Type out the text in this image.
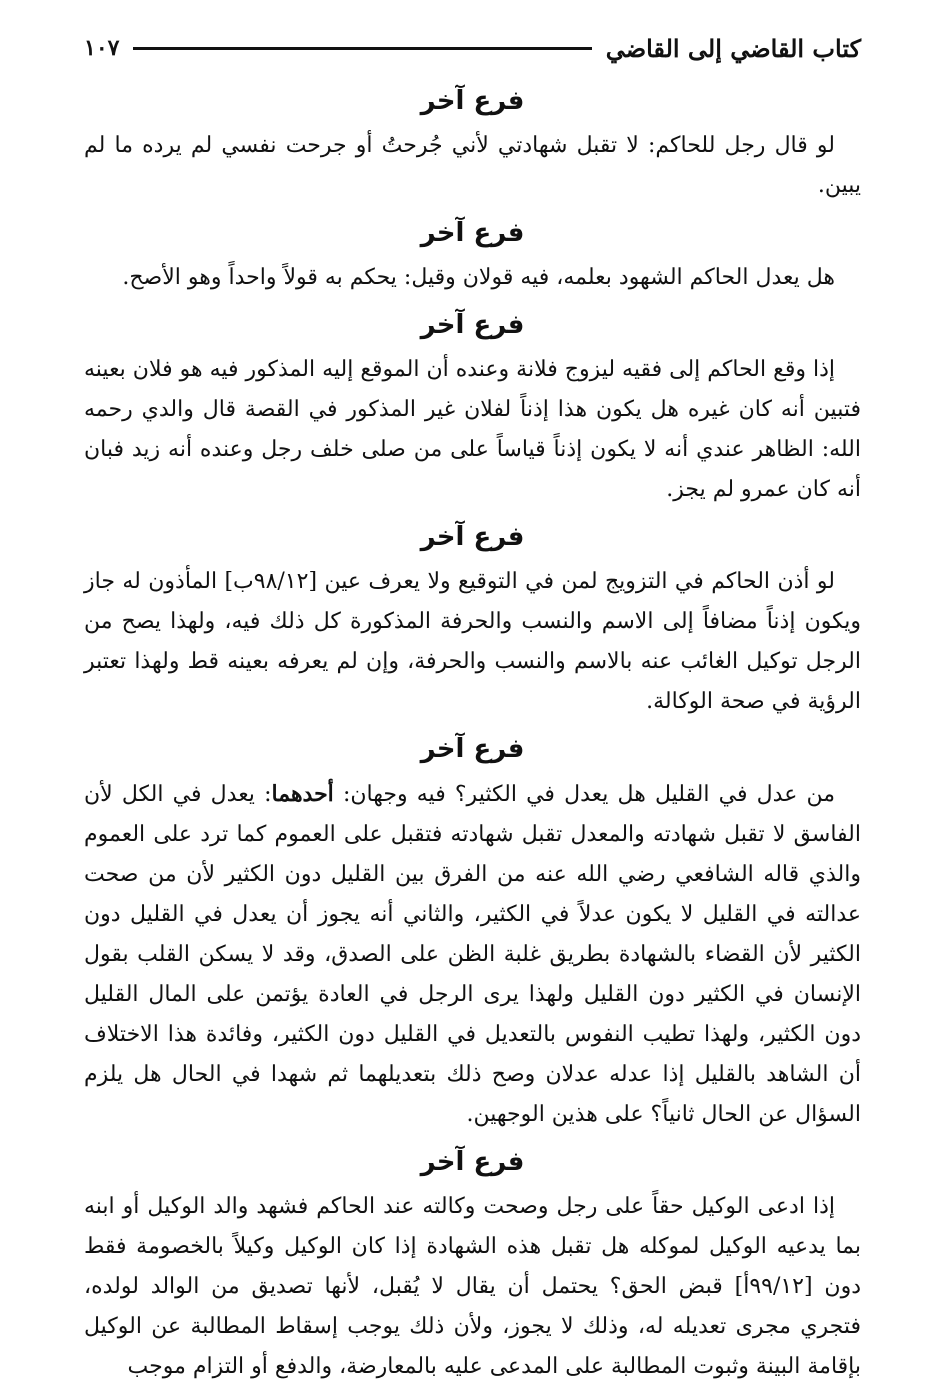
كتاب القاضي إلى القاضي
١٠٧
فرع آخر

لو قال رجل للحاكم: لا تقبل شهادتي لأني جُرحتُ أو جرحت نفسي لم يرده ما لم يبين.

فرع آخر

هل يعدل الحاكم الشهود بعلمه، فيه قولان وقيل: يحكم به قولاً واحداً وهو الأصح.

فرع آخر

إذا وقع الحاكم إلى فقيه ليزوج فلانة وعنده أن الموقع إليه المذكور فيه هو فلان بعينه فتبين أنه كان غيره هل يكون هذا إذناً لفلان غير المذكور في القصة قال والدي رحمه الله: الظاهر عندي أنه لا يكون إذناً قياساً على من صلى خلف رجل وعنده أنه زيد فبان أنه كان عمرو لم يجز.

فرع آخر

لو أذن الحاكم في التزويج لمن في التوقيع ولا يعرف عين [٩٨/١٢ب] المأذون له جاز ويكون إذناً مضافاً إلى الاسم والنسب والحرفة المذكورة كل ذلك فيه، ولهذا يصح من الرجل توكيل الغائب عنه بالاسم والنسب والحرفة، وإن لم يعرفه بعينه قط ولهذا تعتبر الرؤية في صحة الوكالة.

فرع آخر

من عدل في القليل هل يعدل في الكثير؟ فيه وجهان: أحدهما: يعدل في الكل لأن الفاسق لا تقبل شهادته والمعدل تقبل شهادته فتقبل على العموم كما ترد على العموم والذي قاله الشافعي رضي الله عنه من الفرق بين القليل دون الكثير لأن من صحت عدالته في القليل لا يكون عدلاً في الكثير، والثاني أنه يجوز أن يعدل في القليل دون الكثير لأن القضاء بالشهادة بطريق غلبة الظن على الصدق، وقد لا يسكن القلب بقول الإنسان في الكثير دون القليل ولهذا يرى الرجل في العادة يؤتمن على المال القليل دون الكثير، ولهذا تطيب النفوس بالتعديل في القليل دون الكثير، وفائدة هذا الاختلاف أن الشاهد بالقليل إذا عدله عدلان وصح ذلك بتعديلهما ثم شهدا في الحال هل يلزم السؤال عن الحال ثانياً؟ على هذين الوجهين.

فرع آخر

إذا ادعى الوكيل حقاً على رجل وصحت وكالته عند الحاكم فشهد والد الوكيل أو ابنه بما يدعيه الوكيل لموكله هل تقبل هذه الشهادة إذا كان الوكيل وكيلاً بالخصومة فقط دون [٩٩/١٢أ] قبض الحق؟ يحتمل أن يقال لا يُقبل، لأنها تصديق من الوالد لولده، فتجري مجرى تعديله له، وذلك لا يجوز، ولأن ذلك يوجب إسقاط المطالبة عن الوكيل بإقامة البينة وثبوت المطالبة على المدعى عليه بالمعارضة، والدفع أو التزام موجب
